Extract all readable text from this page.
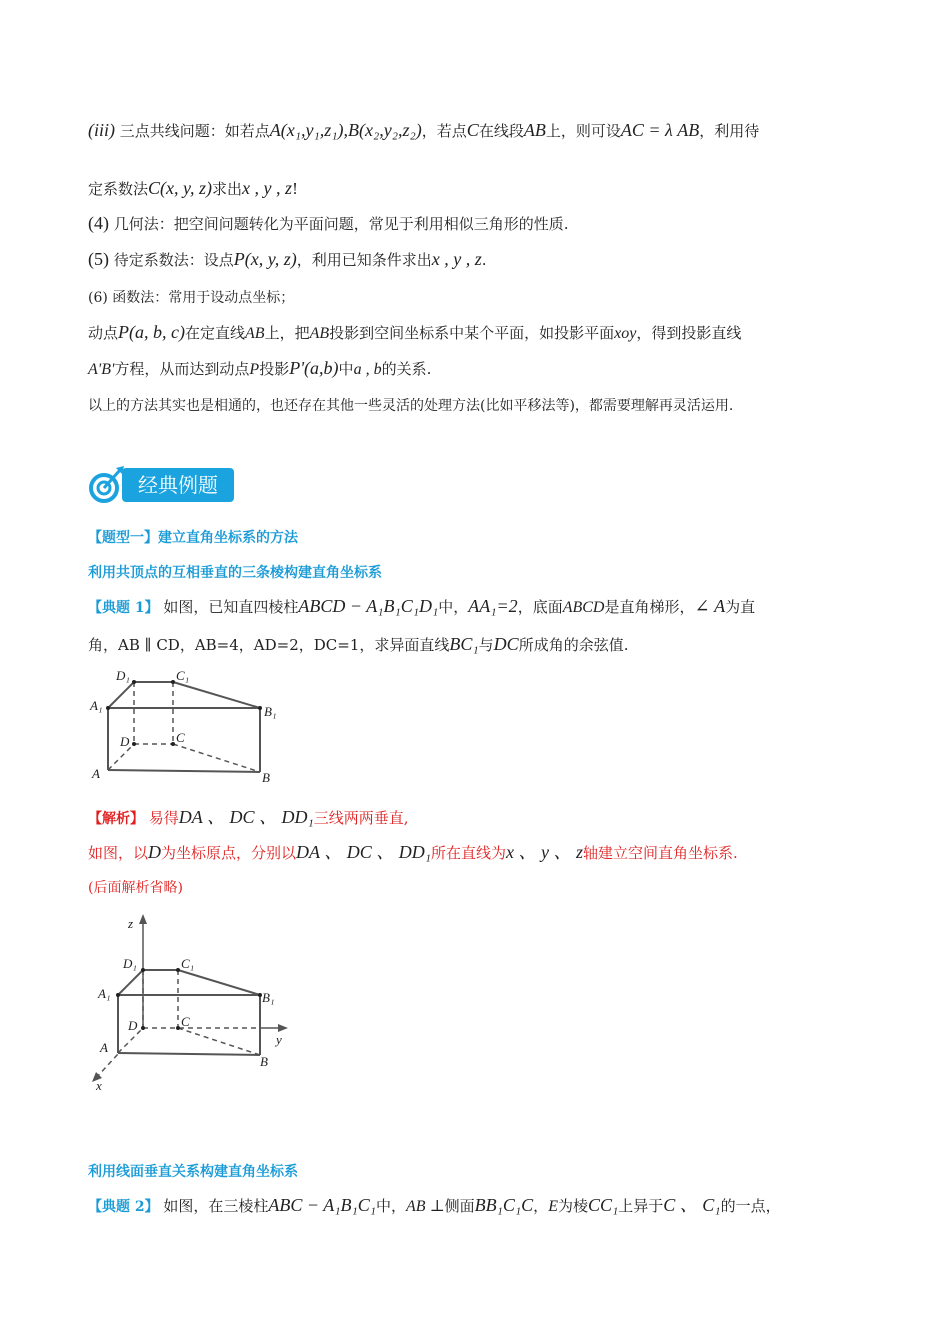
(iii) 三点共线问题：如若点A(x₁,y₁,z₁),B(x₂,y₂,z₂)，若点C在线段AB上，则可设AC = λ AB，利用待
定系数法C(x, y, z)求出x , y , z!
(4) 几何法：把空间问题转化为平面问题，常见于利用相似三角形的性质.
(5) 待定系数法：设点P(x, y, z)，利用已知条件求出x , y , z.
(6) 函数法：常用于设动点坐标；
动点P(a, b, c)在定直线AB上，把AB投影到空间坐标系中某个平面，如投影平面xoy，得到投影直线
A'B'方程，从而达到动点P投影P'(a,b)中a , b的关系.
以上的方法其实也是相通的，也还存在其他一些灵活的处理方法(比如平移法等)，都需要理解再灵活运用.
经典例题
【题型一】建立直角坐标系的方法
利用共顶点的互相垂直的三条棱构建直角坐标系
【典题 1】 如图，已知直四棱柱ABCD − A₁B₁C₁D₁中，AA₁=2，底面ABCD是直角梯形，∠ A为直
角，AB ∥ CD，AB=4，AD=2，DC=1，求异面直线BC₁与DC所成角的余弦值.
D₁	C₁
A₁	B₁
D	C
A	B
【解析】 易得DA 、 DC 、 DD₁三线两两垂直,
如图，以D为坐标原点，分别以DA 、 DC 、 DD₁所在直线为x 、 y 、 z轴建立空间直角坐标系.
(后面解析省略)
z
y
x
D₁	C₁
A₁	B₁
D	C
A
B
利用线面垂直关系构建直角坐标系
【典题 2】 如图，在三棱柱ABC − A₁B₁C₁中，AB ⊥侧面BB₁C₁C，E为棱CC₁上异于C 、 C₁的一点，
